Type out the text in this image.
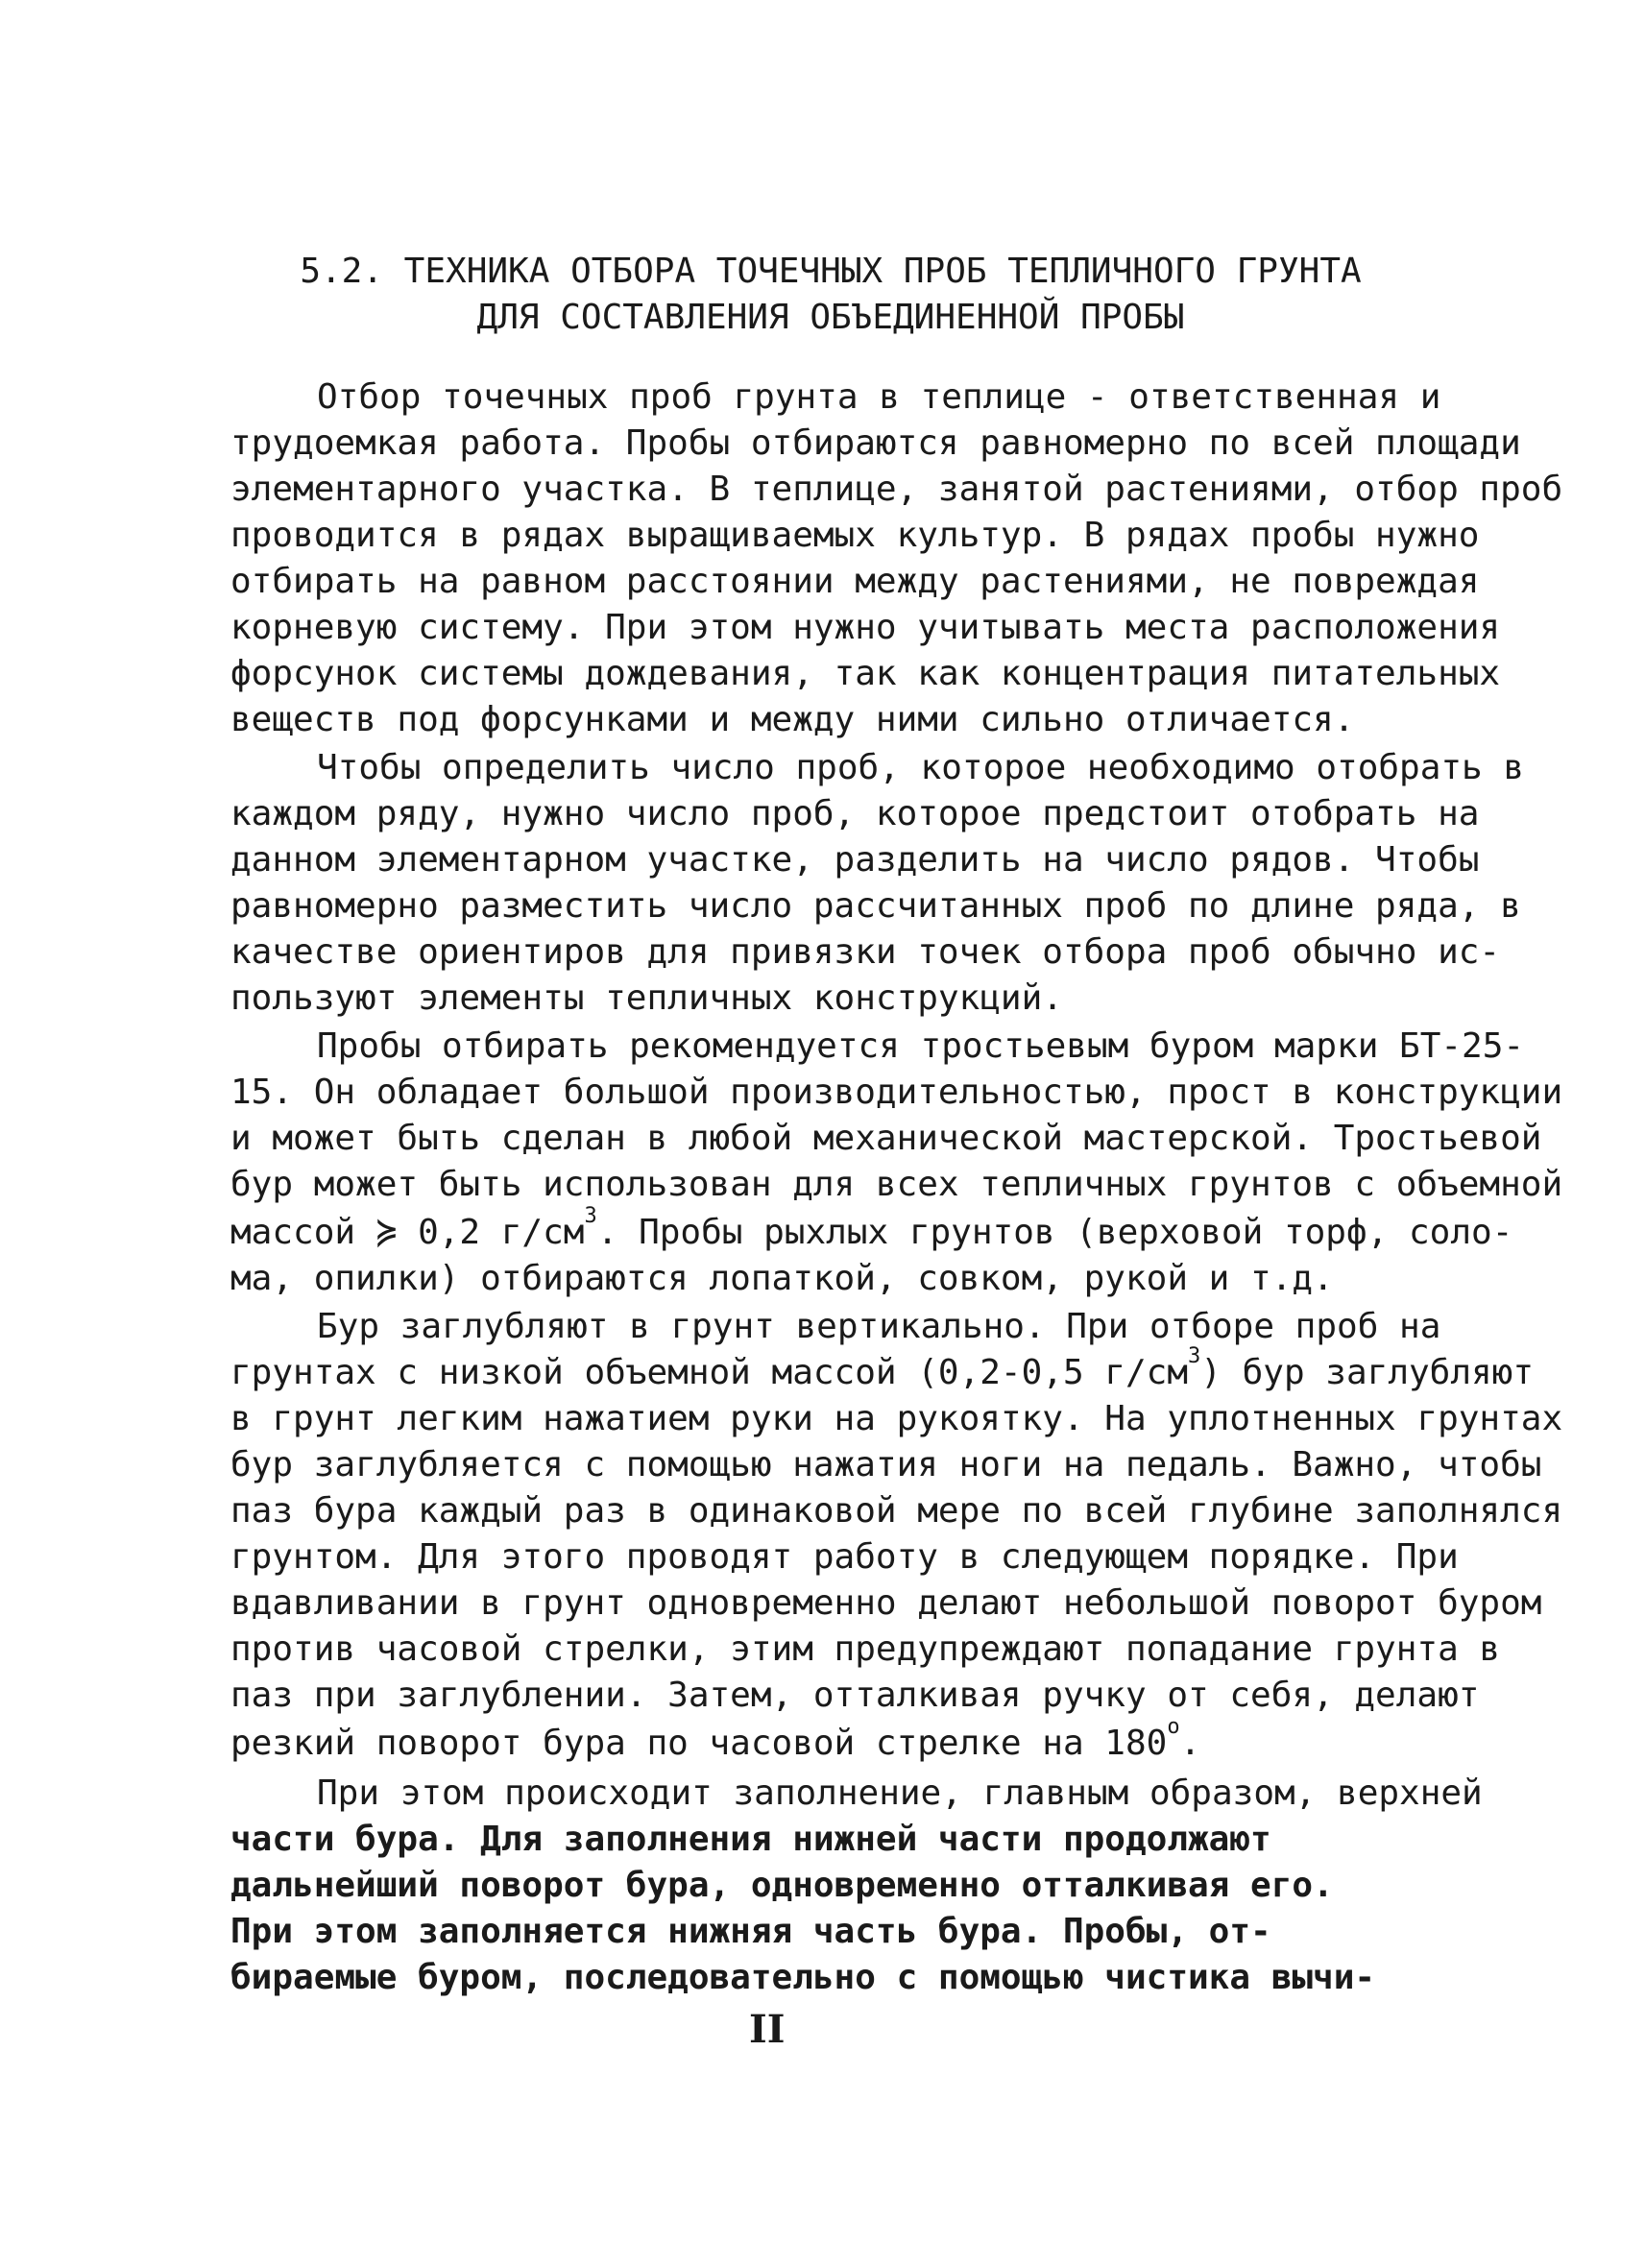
5.2. ТЕХНИКА ОТБОРА ТОЧЕЧНЫХ ПРОБ ТЕПЛИЧНОГО ГРУНТА
ДЛЯ СОСТАВЛЕНИЯ ОБЪЕДИНЕННОЙ ПРОБЫ
Отбор точечных проб грунта в теплице - ответственная и
трудоемкая работа. Пробы отбираются равномерно по всей площади
элементарного участка. В теплице, занятой растениями, отбор проб
проводится в рядах выращиваемых культур. В рядах пробы нужно
отбирать на равном расстоянии между растениями, не повреждая
корневую систему. При этом нужно учитывать места расположения
форсунок системы дождевания, так как концентрация питательных
веществ под форсунками и между ними сильно отличается.
Чтобы определить число проб, которое необходимо отобрать в
каждом ряду, нужно число проб, которое предстоит отобрать на
данном элементарном участке, разделить на число рядов. Чтобы
равномерно разместить число рассчитанных проб по длине ряда, в
качестве ориентиров для привязки точек отбора проб обычно ис-
пользуют элементы тепличных конструкций.
Пробы отбирать рекомендуется тростьевым буром марки БТ-25-
15. Он обладает большой производительностью, прост в конструкции
и может быть сделан в любой механической мастерской. Тростьевой
бур может быть использован для всех тепличных грунтов с объемной
массой ≽ 0,2 $г/см^3$. Пробы рыхлых грунтов (верховой торф, соло-
ма, опилки) отбираются лопаткой, совком, рукой и т.д.
Бур заглубляют в грунт вертикально. При отборе проб на
грунтах с низкой объемной массой (0,2-0,5 $г/см^3$) бур заглубляют
в грунт легким нажатием руки на рукоятку. На уплотненных грунтах
бур заглубляется с помощью нажатия ноги на педаль. Важно, чтобы
паз бура каждый раз в одинаковой мере по всей глубине заполнялся
грунтом. Для этого проводят работу в следующем порядке. При
вдавливании в грунт одновременно делают небольшой поворот буром
против часовой стрелки, этим предупреждают попадание грунта в
паз при заглублении. Затем, отталкивая ручку от себя, делают
резкий поворот бура по часовой стрелке на $180^о$.
При этом происходит заполнение, главным образом, верхней
части бура. Для заполнения нижней части продолжают
дальнейший поворот бура, одновременно отталкивая его.
При этом заполняется нижняя часть бура. Пробы, от-
бираемые буром, последовательно с помощью чистика вычи-
II
